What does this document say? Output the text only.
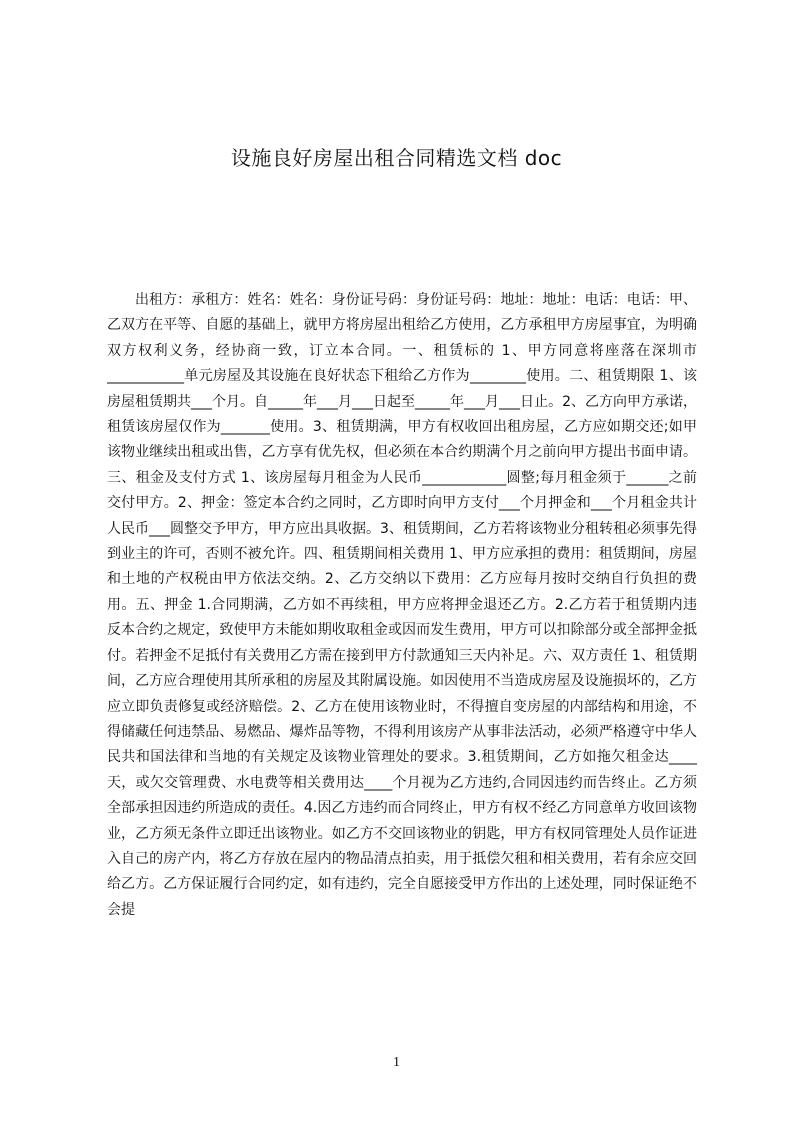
设施良好房屋出租合同精选文档 doc

出租方：承租方：姓名：姓名：身份证号码：身份证号码：地址：地址：电话：电话：甲、乙双方在平等、自愿的基础上，就甲方将房屋出租给乙方使用，乙方承租甲方房屋事宜，为明确双方权利义务，经协商一致，订立本合同。一、租赁标的 1、甲方同意将座落在深圳市___________单元房屋及其设施在良好状态下租给乙方作为________使用。二、租赁期限 1、该房屋租赁期共___个月。自_____年___月___日起至_____年___月___日止。2、乙方向甲方承诺，租赁该房屋仅作为_______使用。3、租赁期满，甲方有权收回出租房屋，乙方应如期交还;如甲该物业继续出租或出售，乙方享有优先权，但必须在本合约期满个月之前向甲方提出书面申请。三、租金及支付方式 1、该房屋每月租金为人民币____________圆整;每月租金须于______之前交付甲方。2、押金：签定本合约之同时，乙方即时向甲方支付___个月押金和___个月租金共计人民币___圆整交予甲方，甲方应出具收据。3、租赁期间，乙方若将该物业分租转租必须事先得到业主的许可，否则不被允许。四、租赁期间相关费用 1、甲方应承担的费用：租赁期间，房屋和土地的产权税由甲方依法交纳。2、乙方交纳以下费用：乙方应每月按时交纳自行负担的费用。五、押金 1.合同期满，乙方如不再续租，甲方应将押金退还乙方。2.乙方若于租赁期内违反本合约之规定，致使甲方未能如期收取租金或因而发生费用，甲方可以扣除部分或全部押金抵付。若押金不足抵付有关费用乙方需在接到甲方付款通知三天内补足。六、双方责任 1、租赁期间，乙方应合理使用其所承租的房屋及其附属设施。如因使用不当造成房屋及设施损坏的，乙方应立即负责修复或经济赔偿。2、乙方在使用该物业时，不得擅自变房屋的内部结构和用途，不得储藏任何违禁品、易燃品、爆炸品等物，不得利用该房产从事非法活动，必须严格遵守中华人民共和国法律和当地的有关规定及该物业管理处的要求。3.租赁期间，乙方如拖欠租金达____天，或欠交管理费、水电费等相关费用达____个月视为乙方违约,合同因违约而告终止。乙方须全部承担因违约所造成的责任。4.因乙方违约而合同终止，甲方有权不经乙方同意单方收回该物业，乙方须无条件立即迁出该物业。如乙方不交回该物业的钥匙，甲方有权同管理处人员作证进入自己的房产内，将乙方存放在屋内的物品清点拍卖，用于抵偿欠租和相关费用，若有余应交回给乙方。乙方保证履行合同约定，如有违约，完全自愿接受甲方作出的上述处理，同时保证绝不会提

1
